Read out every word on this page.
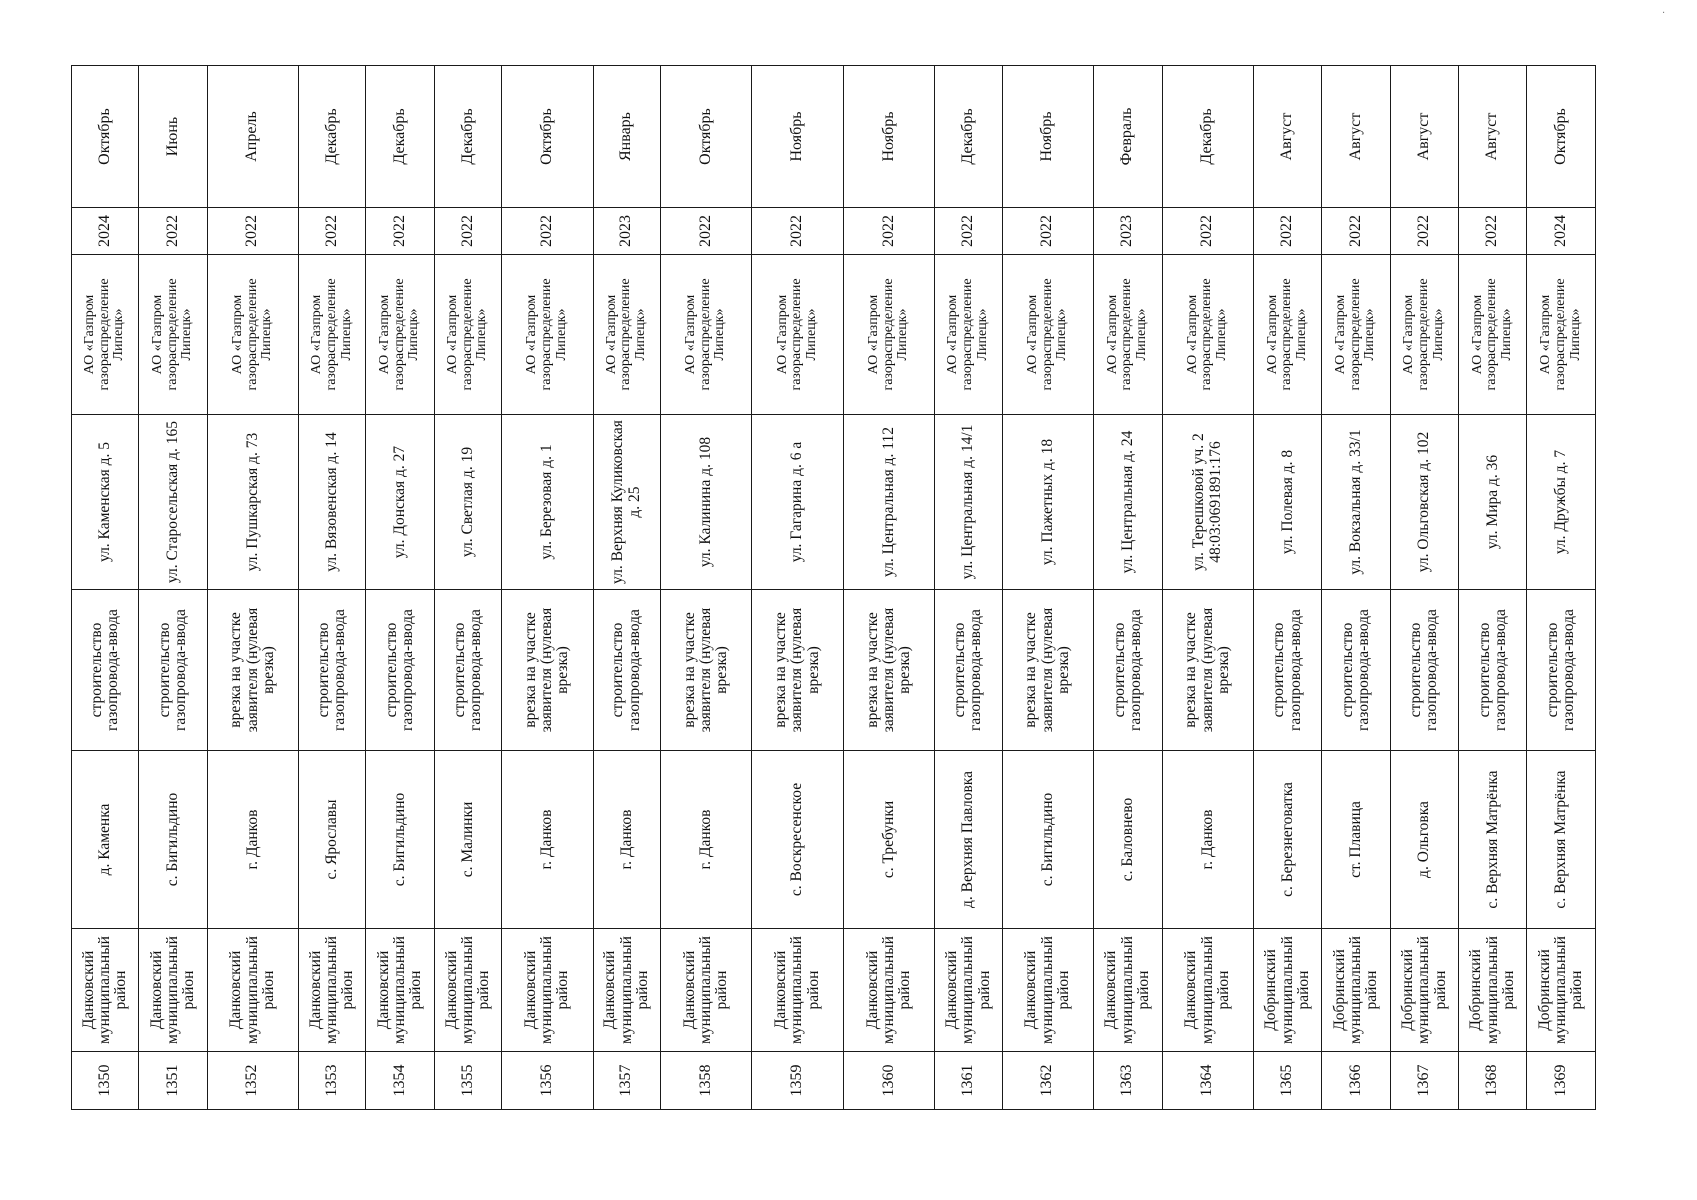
1350	Данковский муниципальный район	д. Каменка	строительство газопровода-ввода	ул. Каменская д. 5	АО «Газпром газораспределение Липецк»	2024	Октябрь
1351	Данковский муниципальный район	с. Бигильдино	строительство газопровода-ввода	ул. Старосельская д. 165	АО «Газпром газораспределение Липецк»	2022	Июнь
1352	Данковский муниципальный район	г. Данков	врезка на участке заявителя (нулевая врезка)	ул. Пушкарская д. 73	АО «Газпром газораспределение Липецк»	2022	Апрель
1353	Данковский муниципальный район	с. Ярославы	строительство газопровода-ввода	ул. Вязовенская д. 14	АО «Газпром газораспределение Липецк»	2022	Декабрь
1354	Данковский муниципальный район	с. Бигильдино	строительство газопровода-ввода	ул. Донская д. 27	АО «Газпром газораспределение Липецк»	2022	Декабрь
1355	Данковский муниципальный район	с. Малинки	строительство газопровода-ввода	ул. Светлая д. 19	АО «Газпром газораспределение Липецк»	2022	Декабрь
1356	Данковский муниципальный район	г. Данков	врезка на участке заявителя (нулевая врезка)	ул. Березовая д. 1	АО «Газпром газораспределение Липецк»	2022	Октябрь
1357	Данковский муниципальный район	г. Данков	строительство газопровода-ввода	ул. Верхняя Куликовская д. 25	АО «Газпром газораспределение Липецк»	2023	Январь
1358	Данковский муниципальный район	г. Данков	врезка на участке заявителя (нулевая врезка)	ул. Калинина д. 108	АО «Газпром газораспределение Липецк»	2022	Октябрь
1359	Данковский муниципальный район	с. Воскресенское	врезка на участке заявителя (нулевая врезка)	ул. Гагарина д. 6 а	АО «Газпром газораспределение Липецк»	2022	Ноябрь
1360	Данковский муниципальный район	с. Требунки	врезка на участке заявителя (нулевая врезка)	ул. Центральная д. 112	АО «Газпром газораспределение Липецк»	2022	Ноябрь
1361	Данковский муниципальный район	д. Верхняя Павловка	строительство газопровода-ввода	ул. Центральная д. 14/1	АО «Газпром газораспределение Липецк»	2022	Декабрь
1362	Данковский муниципальный район	с. Бигильдино	врезка на участке заявителя (нулевая врезка)	ул. Пажетных д. 18	АО «Газпром газораспределение Липецк»	2022	Ноябрь
1363	Данковский муниципальный район	с. Баловнево	строительство газопровода-ввода	ул. Центральная д. 24	АО «Газпром газораспределение Липецк»	2023	Февраль
1364	Данковский муниципальный район	г. Данков	врезка на участке заявителя (нулевая врезка)	ул. Терешковой уч. 2 48:03:0691891:176	АО «Газпром газораспределение Липецк»	2022	Декабрь
1365	Добринский муниципальный район	с. Березнеговатка	строительство газопровода-ввода	ул. Полевая д. 8	АО «Газпром газораспределение Липецк»	2022	Август
1366	Добринский муниципальный район	ст. Плавица	строительство газопровода-ввода	ул. Вокзальная д. 33/1	АО «Газпром газораспределение Липецк»	2022	Август
1367	Добринский муниципальный район	д. Ольговка	строительство газопровода-ввода	ул. Ольговская д. 102	АО «Газпром газораспределение Липецк»	2022	Август
1368	Добринский муниципальный район	с. Верхняя Матрёнка	строительство газопровода-ввода	ул. Мира д. 36	АО «Газпром газораспределение Липецк»	2022	Август
1369	Добринский муниципальный район	с. Верхняя Матрёнка	строительство газопровода-ввода	ул. Дружбы д. 7	АО «Газпром газораспределение Липецк»	2024	Октябрь
·
